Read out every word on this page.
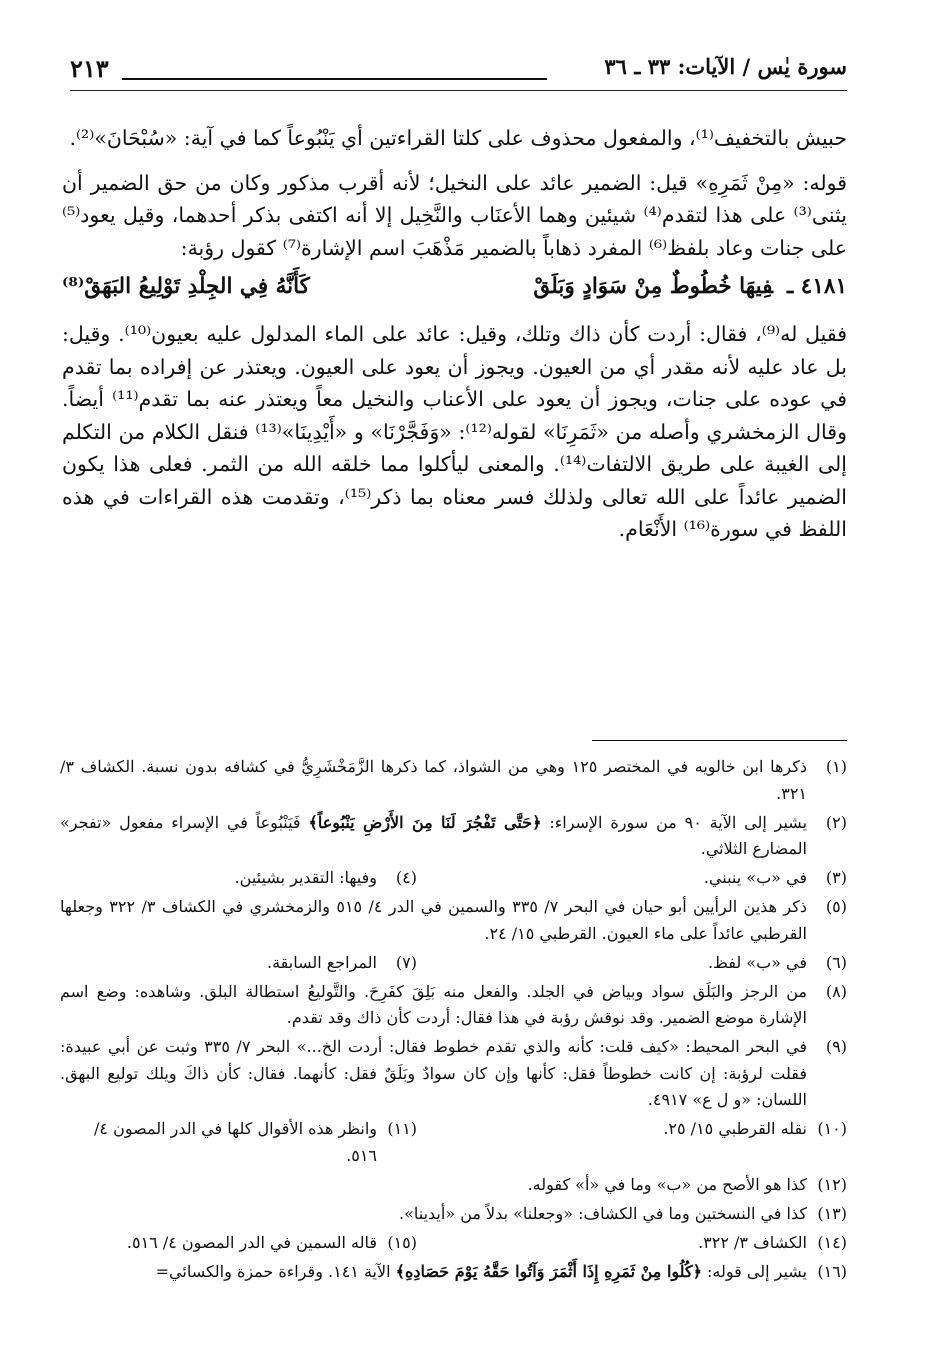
سورة يٰس / الآيات: ٣٣ ـ ٣٦
٢١٣

حبيش بالتخفيف⁽¹⁾، والمفعول محذوف على كلتا القراءتين أي يَنْبُوعاً كما في آية: «سُبْحَانَ»⁽²⁾.

قوله: «مِنْ ثَمَرِهِ» قيل: الضمير عائد على النخيل؛ لأنه أقرب مذكور وكان من حق الضمير أن يثنى⁽³⁾ على هذا لتقدم⁽⁴⁾ شيئين وهما الأعنَاب والنَّخِيل إلا أنه اكتفى بذكر أحدهما، وقيل يعود⁽⁵⁾ على جنات وعاد بلفظ⁽⁶⁾ المفرد ذهاباً بالضمير مَذْهَبَ اسم الإشارة⁽⁷⁾ كقول رؤبة:

٤١٨١ ـفِيهَا خُطُوطٌ مِنْ سَوَادٍ وَبَلَقْ
كَأَنَّهُ فِي الجِلْدِ تَوْلِيعُ البَهَقْ⁽⁸⁾

فقيل له⁽⁹⁾، فقال: أردت كأن ذاك وتلك، وقيل: عائد على الماء المدلول عليه بعيون⁽¹⁰⁾. وقيل: بل عاد عليه لأنه مقدر أي من العيون. ويجوز أن يعود على العيون. ويعتذر عن إفراده بما تقدم في عوده على جنات، ويجوز أن يعود على الأعناب والنخيل معاً ويعتذر عنه بما تقدم⁽¹¹⁾ أيضاً. وقال الزمخشري وأصله من «ثَمَرِنَا» لقوله⁽¹²⁾: «وَفَجَّرْنَا» و «أَيْدِينَا»⁽¹³⁾ فنقل الكلام من التكلم إلى الغيبة على طريق الالتفات⁽¹⁴⁾. والمعنى ليأكلوا مما خلقه الله من الثمر. فعلى هذا يكون الضمير عائداً على الله تعالى ولذلك فسر معناه بما ذكر⁽¹⁵⁾، وتقدمت هذه القراءات في هذه اللفظ في سورة⁽¹⁶⁾ الأَنْعَام.

(١)
ذكرها ابن خالويه في المختصر ١٢٥ وهي من الشواذ، كما ذكرها الزَّمَخْشَرِيُّ في كشافه بدون نسبة. الكشاف ٣/ ٣٢١.
(٢)
يشير إلى الآية ٩٠ من سورة الإسراء: ﴿حَتَّى تَفْجُرَ لَنَا مِنَ الأَرْضِ يَنْبُوعاً﴾ فَيَنْبُوعاً في الإسراء مفعول «تفجر» المضارع الثلاثي.
(٣)
في «ب» ينبني.
(٤)
وفيها: التقدير بشيئين.
(٥)
ذكر هذين الرأيين أبو حيان في البحر ٧/ ٣٣٥ والسمين في الدر ٤/ ٥١٥ والزمخشري في الكشاف ٣/ ٣٢٢ وجعلها القرطبي عائداً على ماء العيون. القرطبي ١٥/ ٢٤.
(٦)
في «ب» لفظ.
(٧)
المراجع السابقة.
(٨)
من الرجز والبَلَق سواد وبياض في الجلد. والفعل منه بَلِقَ كفَرِحَ. والتَّوليعُ استطالة البلق. وشاهده: وضع اسم الإشارة موضع الضمير. وقد نوقش رؤبة في هذا فقال: أردت كأن ذاك وقد تقدم.
(٩)
في البحر المحيط: «كيف قلت: كأنه والذي تقدم خطوط فقال: أردت الخ...» البحر ٧/ ٣٣٥ وثبت عن أبي عبيدة: فقلت لرؤبة: إن كانت خطوطاً فقل: كأنها وإن كان سوادٌ وبَلَقٌ فقل: كأنهما. فقال: كأن ذاكَ ويلك توليع البهق. اللسان: «و ل ع» ٤٩١٧.
(١٠)
نقله القرطبي ١٥/ ٢٥.
(١١)
وانظر هذه الأقوال كلها في الدر المصون ٤/ ٥١٦.
(١٢)
كذا هو الأصح من «ب» وما في «أ» كقوله.
(١٣)
كذا في النسختين وما في الكشاف: «وجعلنا» بدلاً من «أيدينا».
(١٤)
الكشاف ٣/ ٣٢٢.
(١٥)
قاله السمين في الدر المصون ٤/ ٥١٦.
(١٦)
يشير إلى قوله: ﴿كُلُوا مِنْ ثَمَرِهِ إِذَا أَثْمَرَ وَآتُوا حَقَّهُ يَوْمَ حَصَادِهِ﴾ الآية ١٤١. وقراءة حمزة والكسائي=
